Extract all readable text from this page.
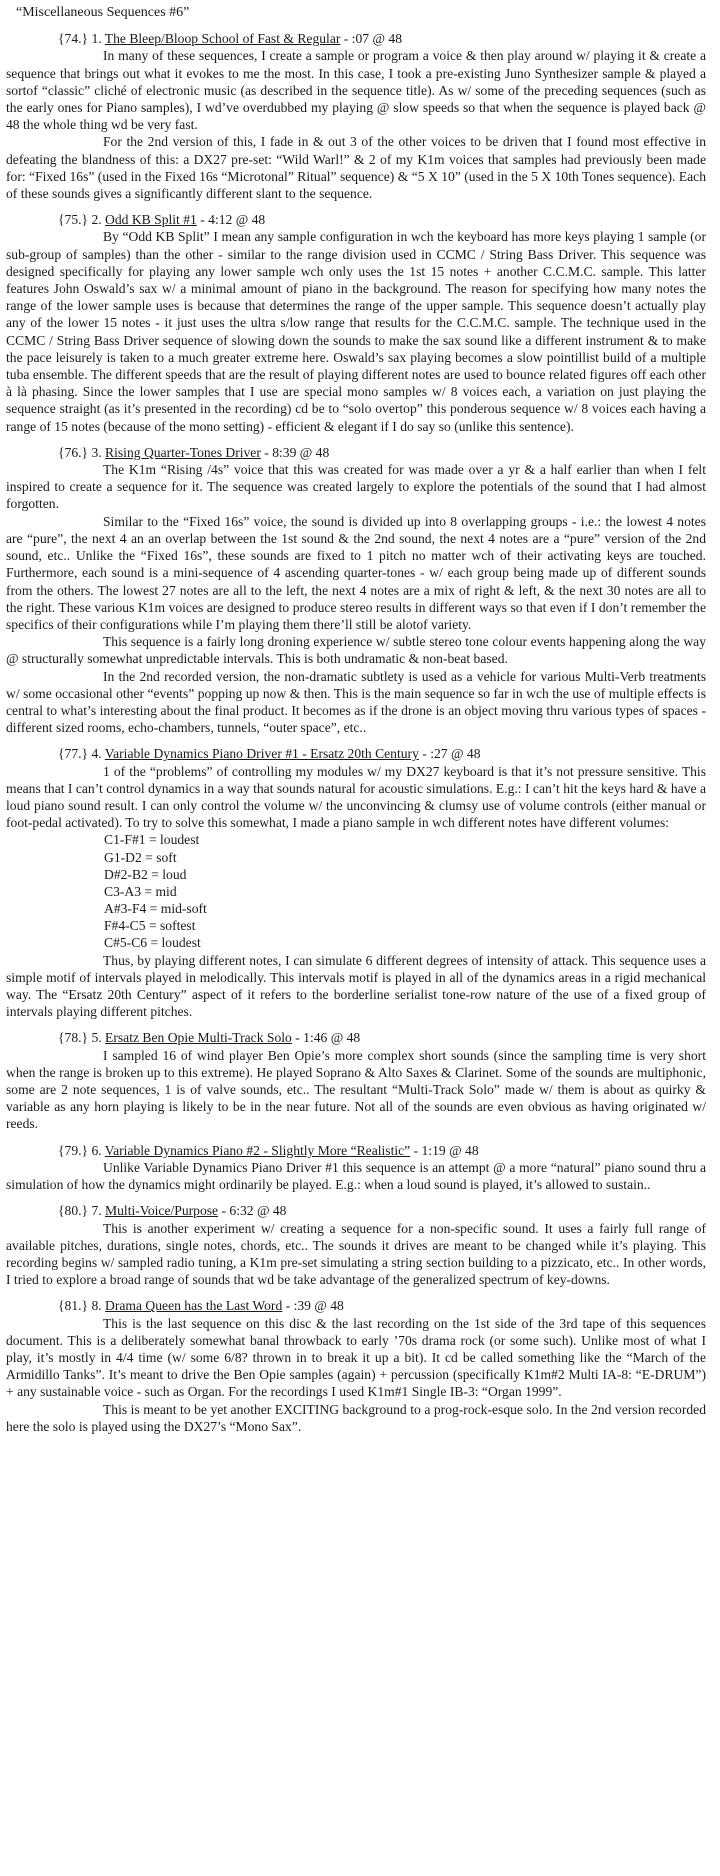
“Miscellaneous Sequences #6”
{74.} 1. The Bleep/Bloop School of Fast & Regular - :07 @ 48
In many of these sequences, I create a sample or program a voice & then play around w/ playing it & create a sequence that brings out what it evokes to me the most. In this case, I took a pre-existing Juno Synthesizer sample & played a sortof “classic” cliché of electronic music (as described in the sequence title). As w/ some of the preceding sequences (such as the early ones for Piano samples), I wd’ve overdubbed my playing @ slow speeds so that when the sequence is played back @ 48 the whole thing wd be very fast.
For the 2nd version of this, I fade in & out 3 of the other voices to be driven that I found most effective in defeating the blandness of this: a DX27 pre-set: “Wild Warl!” & 2 of my K1m voices that samples had previously been made for: “Fixed 16s” (used in the Fixed 16s “Microtonal” Ritual” sequence) & “5 X 10” (used in the 5 X 10th Tones sequence). Each of these sounds gives a significantly different slant to the sequence.
{75.} 2. Odd KB Split #1 - 4:12 @ 48
By “Odd KB Split” I mean any sample configuration in wch the keyboard has more keys playing 1 sample (or sub-group of samples) than the other - similar to the range division used in CCMC / String Bass Driver. This sequence was designed specifically for playing any lower sample wch only uses the 1st 15 notes + another C.C.M.C. sample. This latter features John Oswald’s sax w/ a minimal amount of piano in the background. The reason for specifying how many notes the range of the lower sample uses is because that determines the range of the upper sample. This sequence doesn’t actually play any of the lower 15 notes - it just uses the ultra s/low range that results for the C.C.M.C. sample. The technique used in the CCMC / String Bass Driver sequence of slowing down the sounds to make the sax sound like a different instrument & to make the pace leisurely is taken to a much greater extreme here. Oswald’s sax playing becomes a slow pointillist build of a multiple tuba ensemble. The different speeds that are the result of playing different notes are used to bounce related figures off each other à là phasing. Since the lower samples that I use are special mono samples w/ 8 voices each, a variation on just playing the sequence straight (as it’s presented in the recording) cd be to “solo overtop” this ponderous sequence w/ 8 voices each having a range of 15 notes (because of the mono setting) - efficient & elegant if I do say so (unlike this sentence).
{76.} 3. Rising Quarter-Tones Driver - 8:39 @ 48
The K1m “Rising /4s” voice that this was created for was made over a yr & a half earlier than when I felt inspired to create a sequence for it. The sequence was created largely to explore the potentials of the sound that I had almost forgotten.
Similar to the “Fixed 16s” voice, the sound is divided up into 8 overlapping groups - i.e.: the lowest 4 notes are “pure”, the next 4 an an overlap between the 1st sound & the 2nd sound, the next 4 notes are a “pure” version of the 2nd sound, etc.. Unlike the “Fixed 16s”, these sounds are fixed to 1 pitch no matter wch of their activating keys are touched. Furthermore, each sound is a mini-sequence of 4 ascending quarter-tones - w/ each group being made up of different sounds from the others. The lowest 27 notes are all to the left, the next 4 notes are a mix of right & left, & the next 30 notes are all to the right. These various K1m voices are designed to produce stereo results in different ways so that even if I don’t remember the specifics of their configurations while I’m playing them there’ll still be alotof variety.
This sequence is a fairly long droning experience w/ subtle stereo tone colour events happening along the way @ structurally somewhat unpredictable intervals. This is both undramatic & non-beat based.
In the 2nd recorded version, the non-dramatic subtlety is used as a vehicle for various Multi-Verb treatments w/ some occasional other “events” popping up now & then. This is the main sequence so far in wch the use of multiple effects is central to what’s interesting about the final product. It becomes as if the drone is an object moving thru various types of spaces - different sized rooms, echo-chambers, tunnels, “outer space”, etc..
{77.} 4. Variable Dynamics Piano Driver #1 - Ersatz 20th Century - :27 @ 48
1 of the “problems” of controlling my modules w/ my DX27 keyboard is that it’s not pressure sensitive. This means that I can’t control dynamics in a way that sounds natural for acoustic simulations. E.g.: I can’t hit the keys hard & have a loud piano sound result. I can only control the volume w/ the unconvincing & clumsy use of volume controls (either manual or foot-pedal activated). To try to solve this somewhat, I made a piano sample in wch different notes have different volumes:
C1-F#1 = loudest
G1-D2 = soft
D#2-B2 = loud
C3-A3 = mid
A#3-F4 = mid-soft
F#4-C5 = softest
C#5-C6 = loudest
Thus, by playing different notes, I can simulate 6 different degrees of intensity of attack. This sequence uses a simple motif of intervals played in melodically. This intervals motif is played in all of the dynamics areas in a rigid mechanical way. The “Ersatz 20th Century” aspect of it refers to the borderline serialist tone-row nature of the use of a fixed group of intervals playing different pitches.
{78.} 5. Ersatz Ben Opie Multi-Track Solo - 1:46 @ 48
I sampled 16 of wind player Ben Opie’s more complex short sounds (since the sampling time is very short when the range is broken up to this extreme). He played Soprano & Alto Saxes & Clarinet. Some of the sounds are multiphonic, some are 2 note sequences, 1 is of valve sounds, etc.. The resultant “Multi-Track Solo” made w/ them is about as quirky & variable as any horn playing is likely to be in the near future. Not all of the sounds are even obvious as having originated w/ reeds.
{79.} 6. Variable Dynamics Piano #2 - Slightly More “Realistic” - 1:19 @ 48
Unlike Variable Dynamics Piano Driver #1 this sequence is an attempt @ a more “natural” piano sound thru a simulation of how the dynamics might ordinarily be played. E.g.: when a loud sound is played, it’s allowed to sustain..
{80.} 7. Multi-Voice/Purpose - 6:32 @ 48
This is another experiment w/ creating a sequence for a non-specific sound. It uses a fairly full range of available pitches, durations, single notes, chords, etc.. The sounds it drives are meant to be changed while it’s playing. This recording begins w/ sampled radio tuning, a K1m pre-set simulating a string section building to a pizzicato, etc.. In other words, I tried to explore a broad range of sounds that wd be take advantage of the generalized spectrum of key-downs.
{81.} 8. Drama Queen has the Last Word - :39 @ 48
This is the last sequence on this disc & the last recording on the 1st side of the 3rd tape of this sequences document. This is a deliberately somewhat banal throwback to early ’70s drama rock (or some such). Unlike most of what I play, it’s mostly in 4/4 time (w/ some 6/8? thrown in to break it up a bit). It cd be called something like the “March of the Armidillo Tanks”. It’s meant to drive the Ben Opie samples (again) + percussion (specifically K1m#2 Multi IA-8: “E-DRUM”) + any sustainable voice - such as Organ. For the recordings I used K1m#1 Single IB-3: “Organ 1999”.
This is meant to be yet another EXCITING background to a prog-rock-esque solo. In the 2nd version recorded here the solo is played using the DX27’s “Mono Sax”.
